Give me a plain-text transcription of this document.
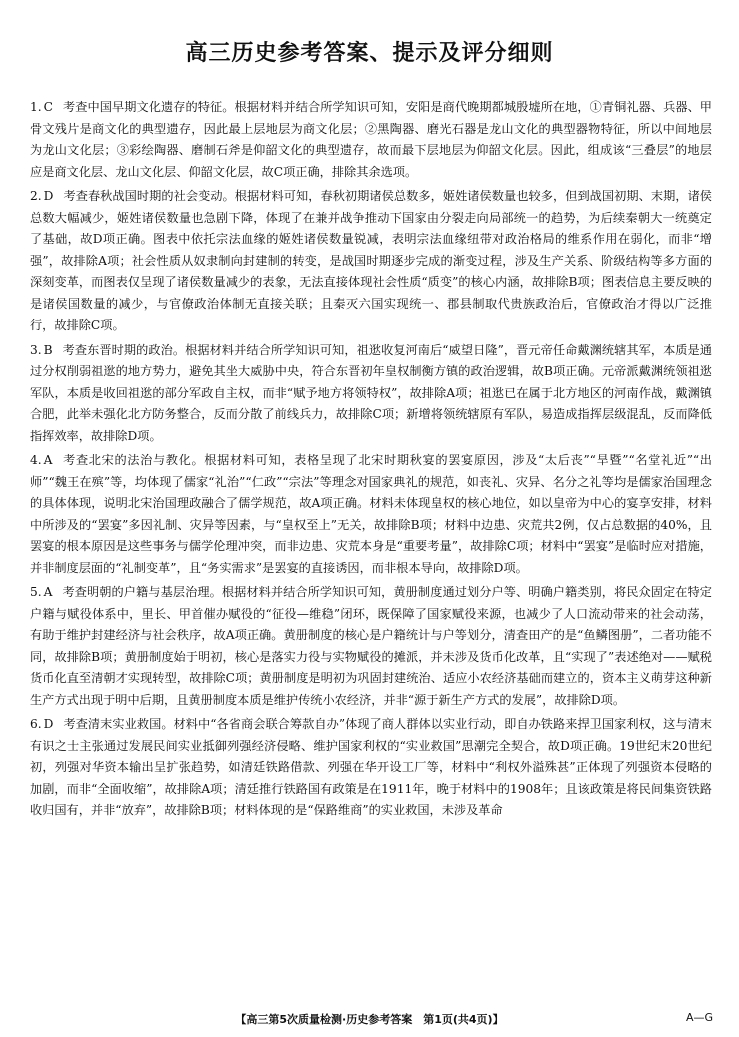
高三历史参考答案、提示及评分细则

1. C 考查中国早期文化遗存的特征。根据材料并结合所学知识可知，安阳是商代晚期都城殷墟所在地，①青铜礼器、兵器、甲骨文残片是商文化的典型遗存，因此最上层地层为商文化层；②黑陶器、磨光石器是龙山文化的典型器物特征，所以中间地层为龙山文化层；③彩绘陶器、磨制石斧是仰韶文化的典型遗存，故而最下层地层为仰韶文化层。因此，组成该“三叠层”的地层应是商文化层、龙山文化层、仰韶文化层，故C项正确，排除其余选项。

2. D 考查春秋战国时期的社会变动。根据材料可知，春秋初期诸侯总数多，姬姓诸侯数量也较多，但到战国初期、末期，诸侯总数大幅减少，姬姓诸侯数量也急剧下降，体现了在兼并战争推动下国家由分裂走向局部统一的趋势，为后续秦朝大一统奠定了基础，故D项正确。图表中依托宗法血缘的姬姓诸侯数量锐减，表明宗法血缘纽带对政治格局的维系作用在弱化，而非“增强”，故排除A项；社会性质从奴隶制向封建制的转变，是战国时期逐步完成的渐变过程，涉及生产关系、阶级结构等多方面的深刻变革，而图表仅呈现了诸侯数量减少的表象，无法直接体现社会性质“质变”的核心内涵，故排除B项；图表信息主要反映的是诸侯国数量的减少，与官僚政治体制无直接关联；且秦灭六国实现统一、郡县制取代贵族政治后，官僚政治才得以广泛推行，故排除C项。

3. B 考查东晋时期的政治。根据材料并结合所学知识可知，祖逖收复河南后“威望日隆”，晋元帝任命戴渊统辖其军，本质是通过分权削弱祖逖的地方势力，避免其坐大威胁中央，符合东晋初年皇权制衡方镇的政治逻辑，故B项正确。元帝派戴渊统领祖逖军队，本质是收回祖逖的部分军政自主权，而非“赋予地方将领特权”，故排除A项；祖逖已在属于北方地区的河南作战，戴渊镇合肥，此举未强化北方防务整合，反而分散了前线兵力，故排除C项；新增将领统辖原有军队，易造成指挥层级混乱，反而降低指挥效率，故排除D项。

4. A 考查北宋的法治与教化。根据材料可知，表格呈现了北宋时期秋宴的罢宴原因，涉及“太后丧”“旱暨”“名堂礼近”“出师”“魏王在殡”等，均体现了儒家“礼治”“仁政”“宗法”等理念对国家典礼的规范，如丧礼、灾异、名分之礼等均是儒家治国理念的具体体现，说明北宋治国理政融合了儒学规范，故A项正确。材料未体现皇权的核心地位，如以皇帝为中心的宴享安排，材料中所涉及的“罢宴”多因礼制、灾异等因素，与“皇权至上”无关，故排除B项；材料中边患、灾荒共2例，仅占总数据的40%，且罢宴的根本原因是这些事务与儒学伦理冲突，而非边患、灾荒本身是“重要考量”，故排除C项；材料中“罢宴”是临时应对措施，并非制度层面的“礼制变革”，且“务实需求”是罢宴的直接诱因，而非根本导向，故排除D项。

5. A 考查明朝的户籍与基层治理。根据材料并结合所学知识可知，黄册制度通过划分户等、明确户籍类别，将民众固定在特定户籍与赋役体系中，里长、甲首催办赋役的“征役—维稳”闭环，既保障了国家赋役来源，也减少了人口流动带来的社会动荡，有助于维护封建经济与社会秩序，故A项正确。黄册制度的核心是户籍统计与户等划分，清查田产的是“鱼鳞图册”，二者功能不同，故排除B项；黄册制度始于明初，核心是落实力役与实物赋役的摊派，并未涉及货币化改革，且“实现了”表述绝对——赋税货币化直至清朝才实现转型，故排除C项；黄册制度是明初为巩固封建统治、适应小农经济基础而建立的，资本主义萌芽这种新生产方式出现于明中后期，且黄册制度本质是维护传统小农经济，并非“源于新生产方式的发展”，故排除D项。

6. D 考查清末实业救国。材料中“各省商会联合筹款自办”体现了商人群体以实业行动，即自办铁路来捍卫国家利权，这与清末有识之士主张通过发展民间实业抵御列强经济侵略、维护国家利权的“实业救国”思潮完全契合，故D项正确。19世纪末20世纪初，列强对华资本输出呈扩张趋势，如清廷铁路借款、列强在华开设工厂等，材料中“利权外溢殊甚”正体现了列强资本侵略的加剧，而非“全面收缩”，故排除A项；清廷推行铁路国有政策是在1911年，晚于材料中的1908年；且该政策是将民间集资铁路收归国有，并非“放弃”，故排除B项；材料体现的是“保路维商”的实业救国，未涉及革命

【高三第5次质量检测·历史参考答案　第1页(共4页)】	A—G
